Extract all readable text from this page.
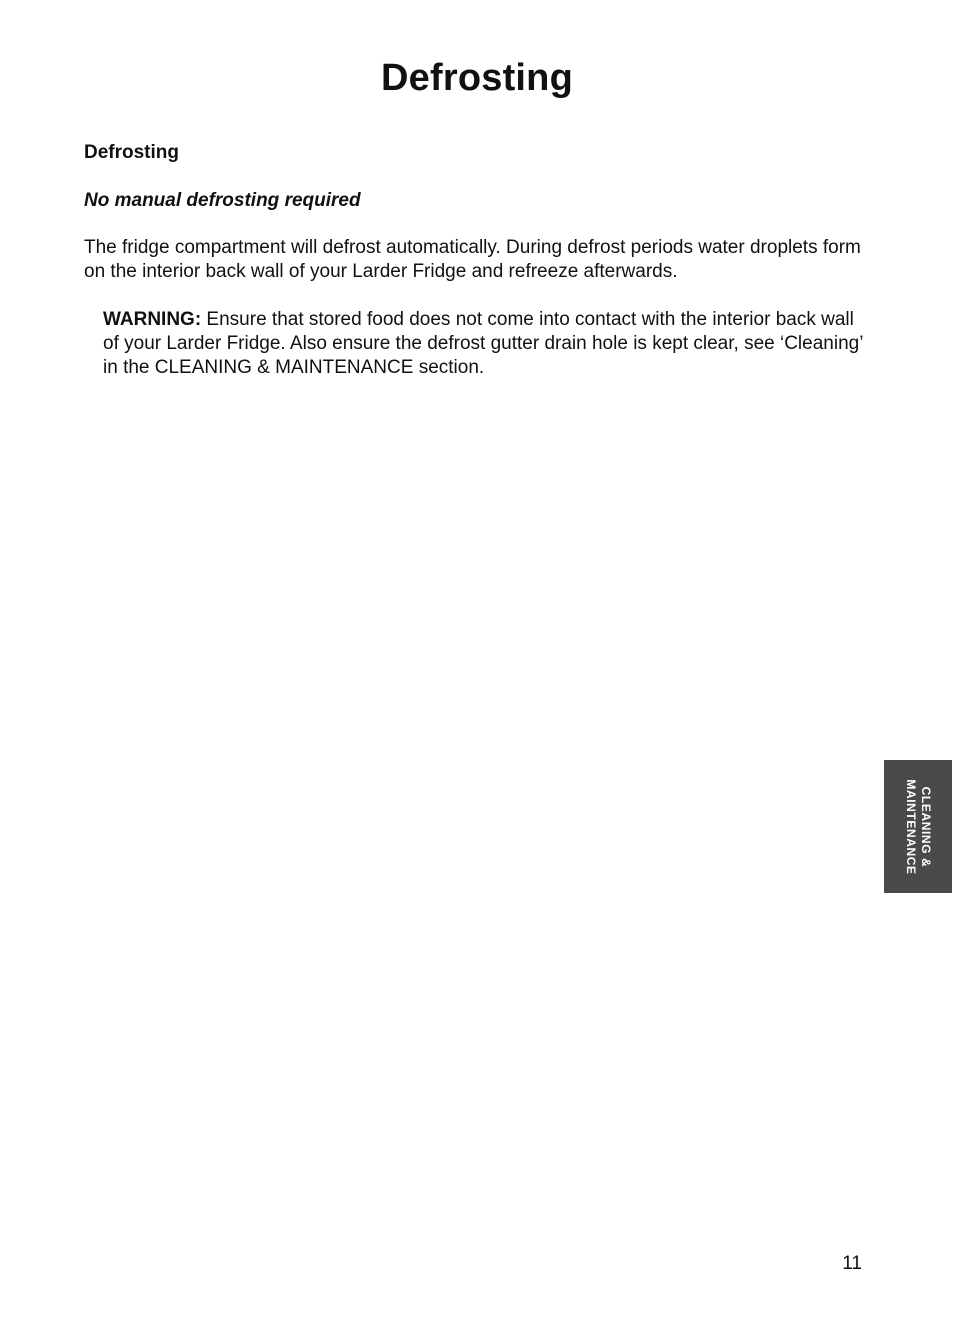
Defrosting
Defrosting
No manual defrosting required

The fridge compartment will defrost automatically. During defrost periods water droplets form on the interior back wall of your Larder Fridge and refreeze afterwards.

WARNING: Ensure that stored food does not come into contact with the interior back wall of your Larder Fridge. Also ensure the defrost gutter drain hole is kept clear, see ‘Cleaning’ in the CLEANING & MAINTENANCE section.

CLEANING &
MAINTENANCE
11
